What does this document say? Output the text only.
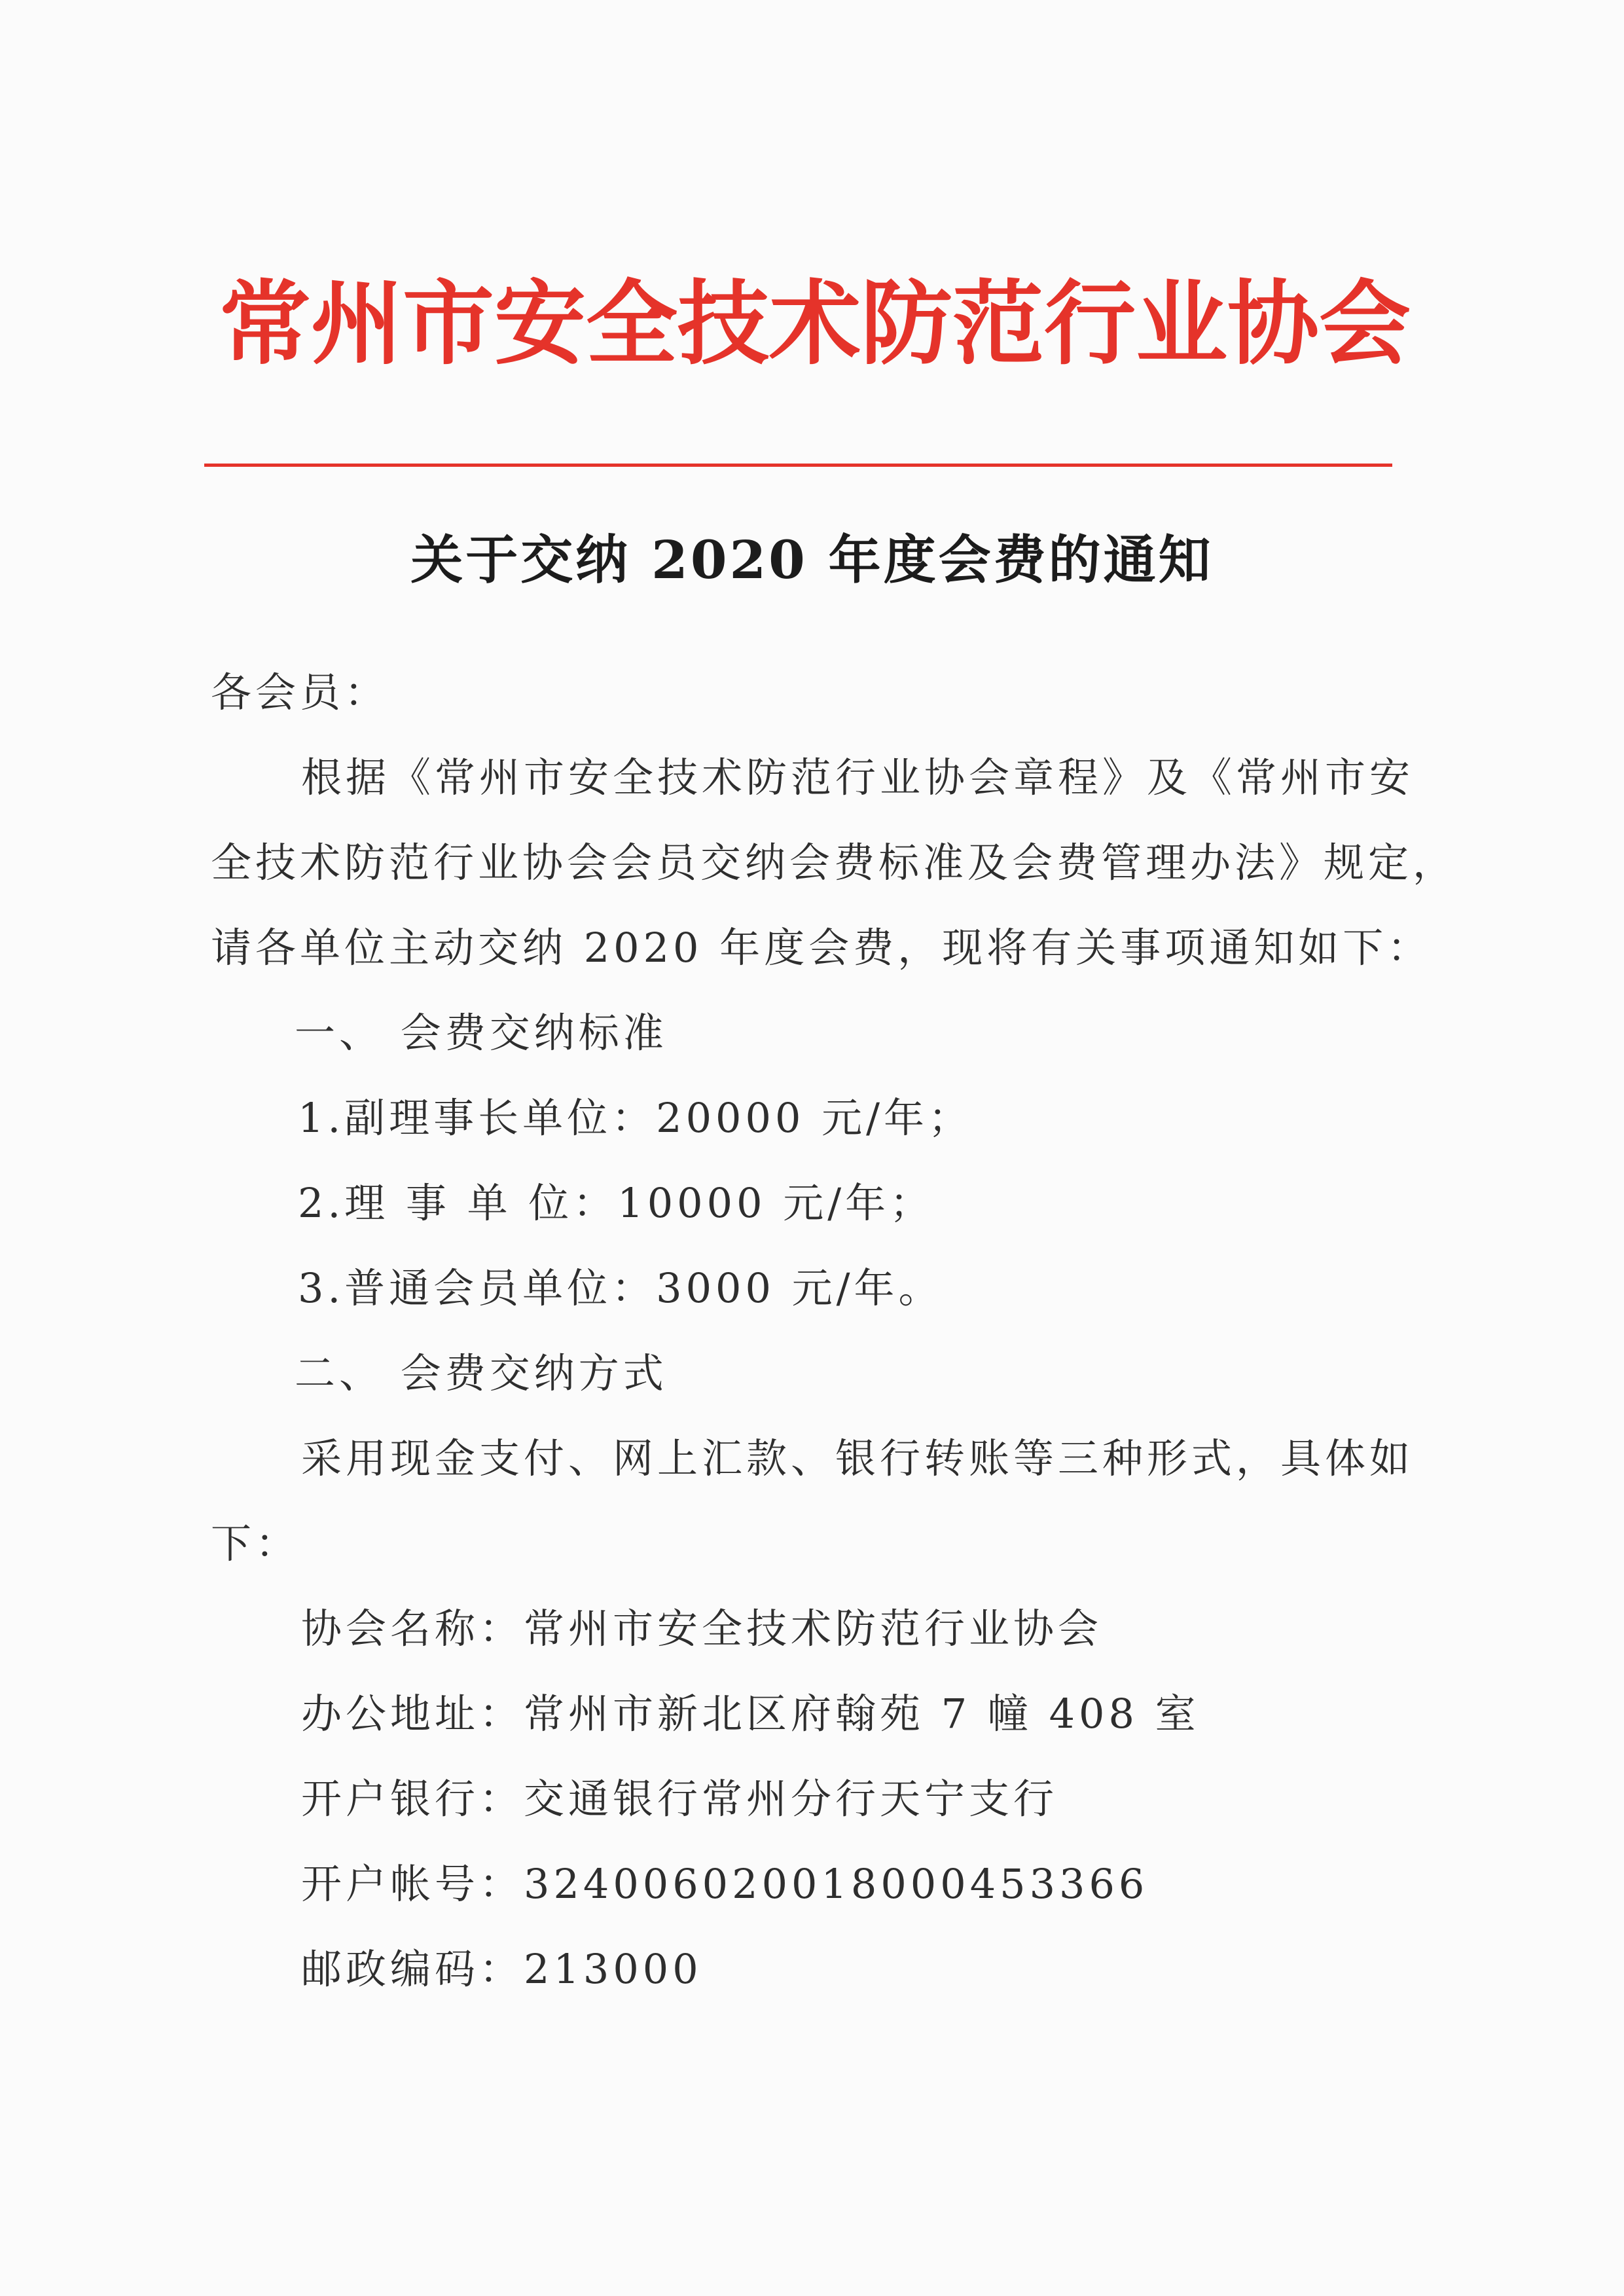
常州市安全技术防范行业协会
关于交纳 2020 年度会费的通知
各会员：
根据《常州市安全技术防范行业协会章程》及《常州市安
全技术防范行业协会会员交纳会费标准及会费管理办法》规定，
请各单位主动交纳 2020 年度会费，现将有关事项通知如下：
一、 会费交纳标准
1.副理事长单位：20000 元/年；
2.理 事 单 位：10000 元/年；
3.普通会员单位：3000 元/年。
二、 会费交纳方式
采用现金支付、网上汇款、银行转账等三种形式，具体如
下：
协会名称：常州市安全技术防范行业协会
办公地址：常州市新北区府翰苑 7 幢 408 室
开户银行：交通银行常州分行天宁支行
开户帐号：324006020018000453366
邮政编码：213000
